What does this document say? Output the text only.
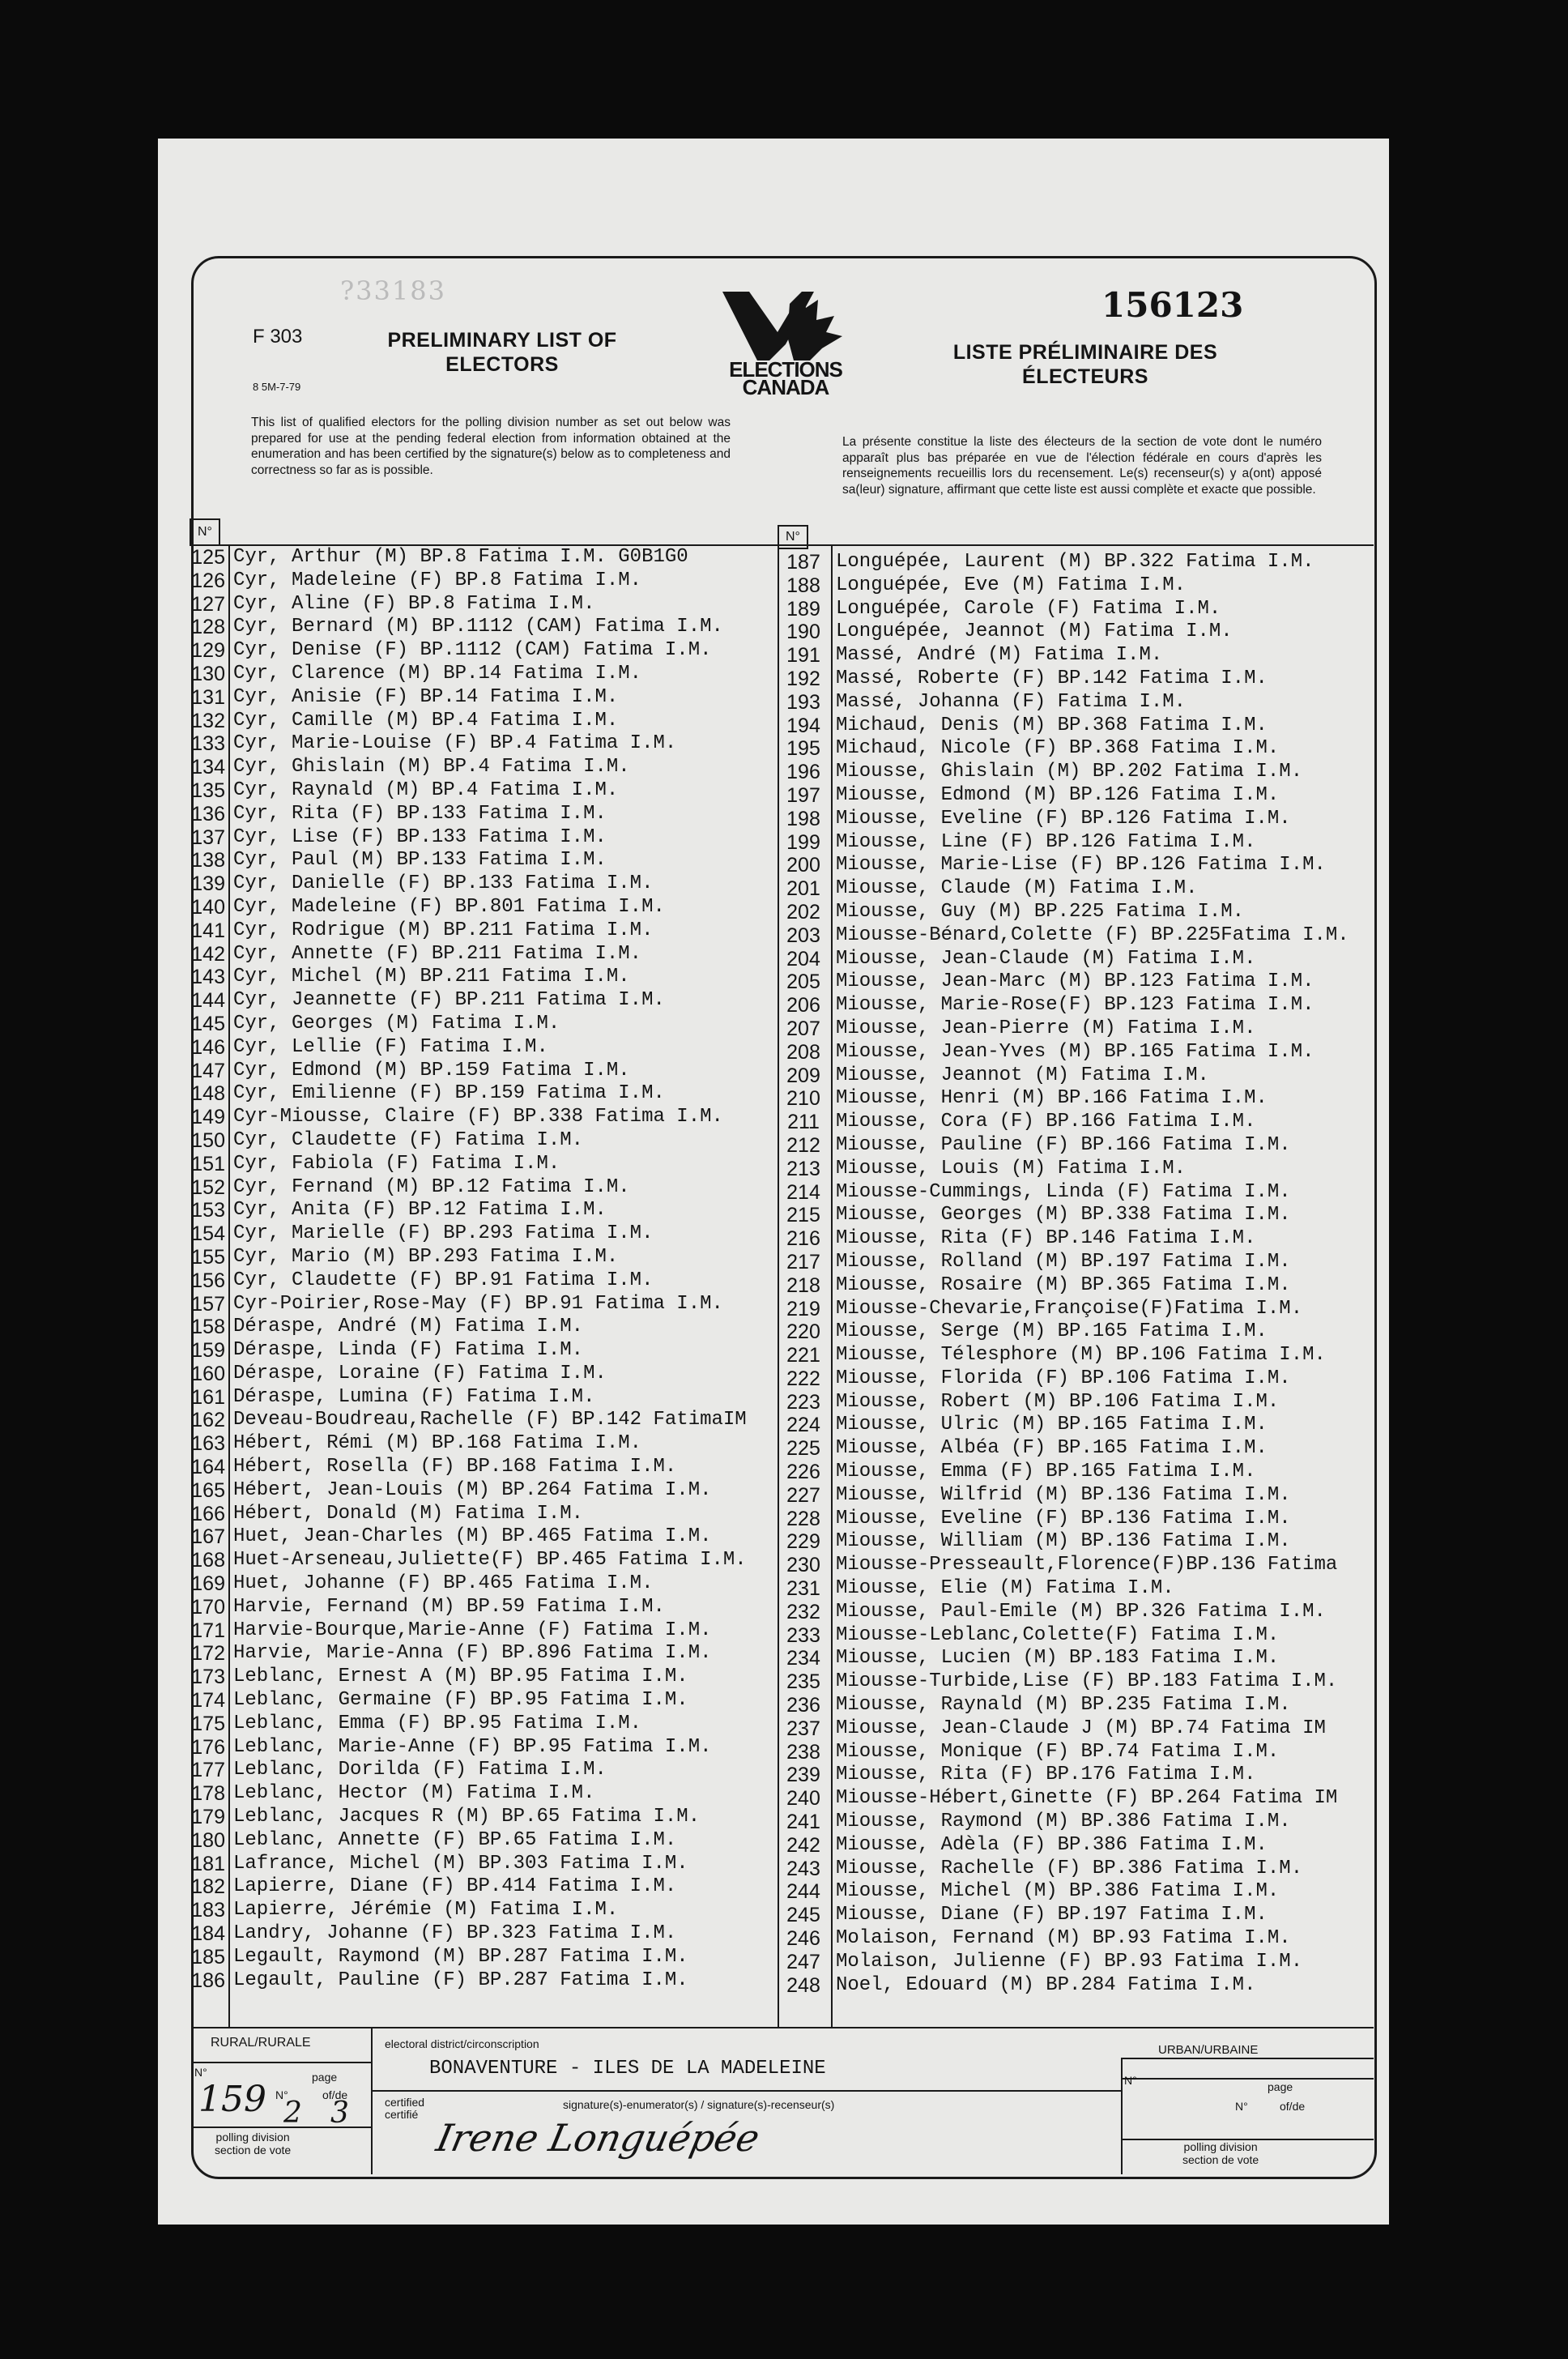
?33183
F 303
8 5M-7-79
PRELIMINARY LIST OF
ELECTORS	ELECTIONS
CANADA
156123
LISTE PRÉLIMINAIRE DES
ÉLECTEURS
This list of qualified electors for the polling division number as set out below was prepared for use at the pending federal election from information obtained at the enumeration and has been certified by the signature(s) below as to completeness and correctness so far as is possible.
La présente constitue la liste des électeurs de la section de vote dont le numéro apparaît plus bas préparée en vue de l'élection fédérale en cours d'après les renseignements recueillis lors du recensement. Le(s) recenseur(s) y a(ont) apposé sa(leur) signature, affirmant que cette liste est aussi complète et exacte que possible.
N°	N°
125 Cyr, Arthur (M) BP.8 Fatima I.M. G0B1G0
126 Cyr, Madeleine (F) BP.8 Fatima I.M.
127 Cyr, Aline (F) BP.8 Fatima I.M.
128 Cyr, Bernard (M) BP.1112 (CAM) Fatima I.M.
129 Cyr, Denise (F) BP.1112 (CAM) Fatima I.M.
130 Cyr, Clarence (M) BP.14 Fatima I.M.
131 Cyr, Anisie (F) BP.14 Fatima I.M.
132 Cyr, Camille (M) BP.4 Fatima I.M.
133 Cyr, Marie-Louise (F) BP.4 Fatima I.M.
134 Cyr, Ghislain (M) BP.4 Fatima I.M.
135 Cyr, Raynald (M) BP.4 Fatima I.M.
136 Cyr, Rita (F) BP.133 Fatima I.M.
137 Cyr, Lise (F) BP.133 Fatima I.M.
138 Cyr, Paul (M) BP.133 Fatima I.M.
139 Cyr, Danielle (F) BP.133 Fatima I.M.
140 Cyr, Madeleine (F) BP.801 Fatima I.M.
141 Cyr, Rodrigue (M) BP.211 Fatima I.M.
142 Cyr, Annette (F) BP.211 Fatima I.M.
143 Cyr, Michel (M) BP.211 Fatima I.M.
144 Cyr, Jeannette (F) BP.211 Fatima I.M.
145 Cyr, Georges (M) Fatima I.M.
146 Cyr, Lellie (F) Fatima I.M.
147 Cyr, Edmond (M) BP.159 Fatima I.M.
148 Cyr, Emilienne (F) BP.159 Fatima I.M.
149 Cyr-Miousse, Claire (F) BP.338 Fatima I.M.
150 Cyr, Claudette (F) Fatima I.M.
151 Cyr, Fabiola (F) Fatima I.M.
152 Cyr, Fernand (M) BP.12 Fatima I.M.
153 Cyr, Anita (F) BP.12 Fatima I.M.
154 Cyr, Marielle (F) BP.293 Fatima I.M.
155 Cyr, Mario (M) BP.293 Fatima I.M.
156 Cyr, Claudette (F) BP.91 Fatima I.M.
157 Cyr-Poirier,Rose-May (F) BP.91 Fatima I.M.
158 Déraspe, André (M) Fatima I.M.
159 Déraspe, Linda (F) Fatima I.M.
160 Déraspe, Loraine (F) Fatima I.M.
161 Déraspe, Lumina (F) Fatima I.M.
162 Deveau-Boudreau,Rachelle (F) BP.142 FatimaIM
163 Hébert, Rémi (M) BP.168 Fatima I.M.
164 Hébert, Rosella (F) BP.168 Fatima I.M.
165 Hébert, Jean-Louis (M) BP.264 Fatima I.M.
166 Hébert, Donald (M) Fatima I.M.
167 Huet, Jean-Charles (M) BP.465 Fatima I.M.
168 Huet-Arseneau,Juliette(F) BP.465 Fatima I.M.
169 Huet, Johanne (F) BP.465 Fatima I.M.
170 Harvie, Fernand (M) BP.59 Fatima I.M.
171 Harvie-Bourque,Marie-Anne (F) Fatima I.M.
172 Harvie, Marie-Anna (F) BP.896 Fatima I.M.
173 Leblanc, Ernest A (M) BP.95 Fatima I.M.
174 Leblanc, Germaine (F) BP.95 Fatima I.M.
175 Leblanc, Emma (F) BP.95 Fatima I.M.
176 Leblanc, Marie-Anne (F) BP.95 Fatima I.M.
177 Leblanc, Dorilda (F) Fatima I.M.
178 Leblanc, Hector (M) Fatima I.M.
179 Leblanc, Jacques R (M) BP.65 Fatima I.M.
180 Leblanc, Annette (F) BP.65 Fatima I.M.
181 Lafrance, Michel (M) BP.303 Fatima I.M.
182 Lapierre, Diane (F) BP.414 Fatima I.M.
183 Lapierre, Jérémie (M) Fatima I.M.
184 Landry, Johanne (F) BP.323 Fatima I.M.
185 Legault, Raymond (M) BP.287 Fatima I.M.
186 Legault, Pauline (F) BP.287 Fatima I.M.
187 Longuépée, Laurent (M) BP.322 Fatima I.M.
188 Longuépée, Eve (M) Fatima I.M.
189 Longuépée, Carole (F) Fatima I.M.
190 Longuépée, Jeannot (M) Fatima I.M.
191 Massé, André (M) Fatima I.M.
192 Massé, Roberte (F) BP.142 Fatima I.M.
193 Massé, Johanna (F) Fatima I.M.
194 Michaud, Denis (M) BP.368 Fatima I.M.
195 Michaud, Nicole (F) BP.368 Fatima I.M.
196 Miousse, Ghislain (M) BP.202 Fatima I.M.
197 Miousse, Edmond (M) BP.126 Fatima I.M.
198 Miousse, Eveline (F) BP.126 Fatima I.M.
199 Miousse, Line (F) BP.126 Fatima I.M.
200 Miousse, Marie-Lise (F) BP.126 Fatima I.M.
201 Miousse, Claude (M) Fatima I.M.
202 Miousse, Guy (M) BP.225 Fatima I.M.
203 Miousse-Bénard,Colette (F) BP.225Fatima I.M.
204 Miousse, Jean-Claude (M) Fatima I.M.
205 Miousse, Jean-Marc (M) BP.123 Fatima I.M.
206 Miousse, Marie-Rose(F) BP.123 Fatima I.M.
207 Miousse, Jean-Pierre (M) Fatima I.M.
208 Miousse, Jean-Yves (M) BP.165 Fatima I.M.
209 Miousse, Jeannot (M) Fatima I.M.
210 Miousse, Henri (M) BP.166 Fatima I.M.
211 Miousse, Cora (F) BP.166 Fatima I.M.
212 Miousse, Pauline (F) BP.166 Fatima I.M.
213 Miousse, Louis (M) Fatima I.M.
214 Miousse-Cummings, Linda (F) Fatima I.M.
215 Miousse, Georges (M) BP.338 Fatima I.M.
216 Miousse, Rita (F) BP.146 Fatima I.M.
217 Miousse, Rolland (M) BP.197 Fatima I.M.
218 Miousse, Rosaire (M) BP.365 Fatima I.M.
219 Miousse-Chevarie,Françoise(F)Fatima I.M.
220 Miousse, Serge (M) BP.165 Fatima I.M.
221 Miousse, Télesphore (M) BP.106 Fatima I.M.
222 Miousse, Florida (F) BP.106 Fatima I.M.
223 Miousse, Robert (M) BP.106 Fatima I.M.
224 Miousse, Ulric (M) BP.165 Fatima I.M.
225 Miousse, Albéa (F) BP.165 Fatima I.M.
226 Miousse, Emma (F) BP.165 Fatima I.M.
227 Miousse, Wilfrid (M) BP.136 Fatima I.M.
228 Miousse, Eveline (F) BP.136 Fatima I.M.
229 Miousse, William (M) BP.136 Fatima I.M.
230 Miousse-Presseault,Florence(F)BP.136 Fatima
231 Miousse, Elie (M) Fatima I.M.
232 Miousse, Paul-Emile (M) BP.326 Fatima I.M.
233 Miousse-Leblanc,Colette(F) Fatima I.M.
234 Miousse, Lucien (M) BP.183 Fatima I.M.
235 Miousse-Turbide,Lise (F) BP.183 Fatima I.M.
236 Miousse, Raynald (M) BP.235 Fatima I.M.
237 Miousse, Jean-Claude J (M) BP.74 Fatima IM
238 Miousse, Monique (F) BP.74 Fatima I.M.
239 Miousse, Rita (F) BP.176 Fatima I.M.
240 Miousse-Hébert,Ginette (F) BP.264 Fatima IM
241 Miousse, Raymond (M) BP.386 Fatima I.M.
242 Miousse, Adèla (F) BP.386 Fatima I.M.
243 Miousse, Rachelle (F) BP.386 Fatima I.M.
244 Miousse, Michel (M) BP.386 Fatima I.M.
245 Miousse, Diane (F) BP.197 Fatima I.M.
246 Molaison, Fernand (M) BP.93 Fatima I.M.
247 Molaison, Julienne (F) BP.93 Fatima I.M.
248 Noel, Edouard (M) BP.284 Fatima I.M.
RURAL/RURALE
N°	page
N°	of/de
159 2 3
polling division
section de vote
electoral district/circonscription
BONAVENTURE - ILES DE LA MADELEINE
certified
certifié
signature(s)-enumerator(s) / signature(s)-recenseur(s)
Irene Longuépée
URBAN/URBAINE
N°	page
N°	of/de
polling division
section de vote
